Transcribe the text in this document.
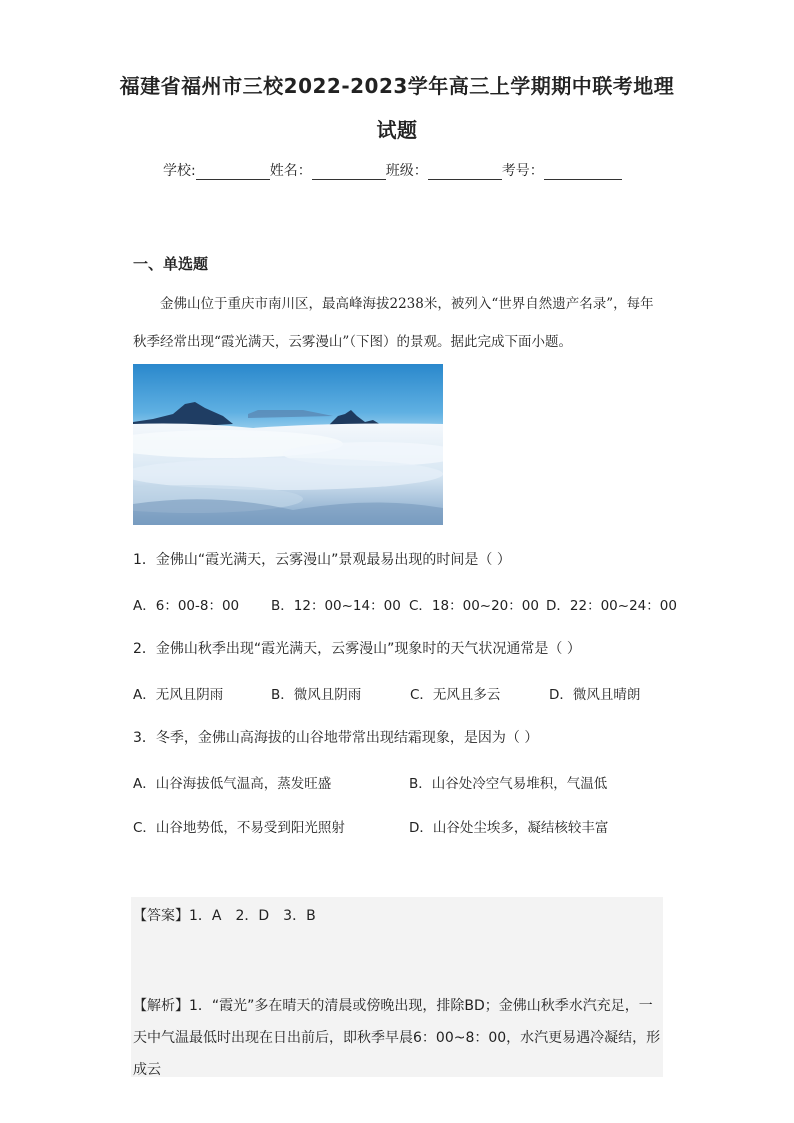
福建省福州市三校2022-2023学年高三上学期期中联考地理
试题
学校:	姓名：	班级：	考号：
一、单选题
金佛山位于重庆市南川区，最高峰海拔2238米，被列入“世界自然遗产名录”，每年秋季经常出现“霞光满天，云雾漫山”（下图）的景观。据此完成下面小题。
1．金佛山“霞光满天，云雾漫山”景观最易出现的时间是（ ）
A．6：00-8：00 B．12：00~14：00 C．18：00~20：00 D．22：00~24：00
2．金佛山秋季出现“霞光满天，云雾漫山”现象时的天气状况通常是（ ）
A．无风且阴雨	B．微风且阴雨	C．无风且多云	D．微风且晴朗
3．冬季，金佛山高海拔的山谷地带常出现结霜现象，是因为（ ）
A．山谷海拔低气温高，蒸发旺盛	B．山谷处冷空气易堆积，气温低
C．山谷地势低，不易受到阳光照射	D．山谷处尘埃多，凝结核较丰富
【答案】1．A　2．D　3．B
【解析】1．“霞光”多在晴天的清晨或傍晚出现，排除BD；金佛山秋季水汽充足，一天中气温最低时出现在日出前后，即秋季早晨6：00~8：00，水汽更易遇冷凝结，形成云
